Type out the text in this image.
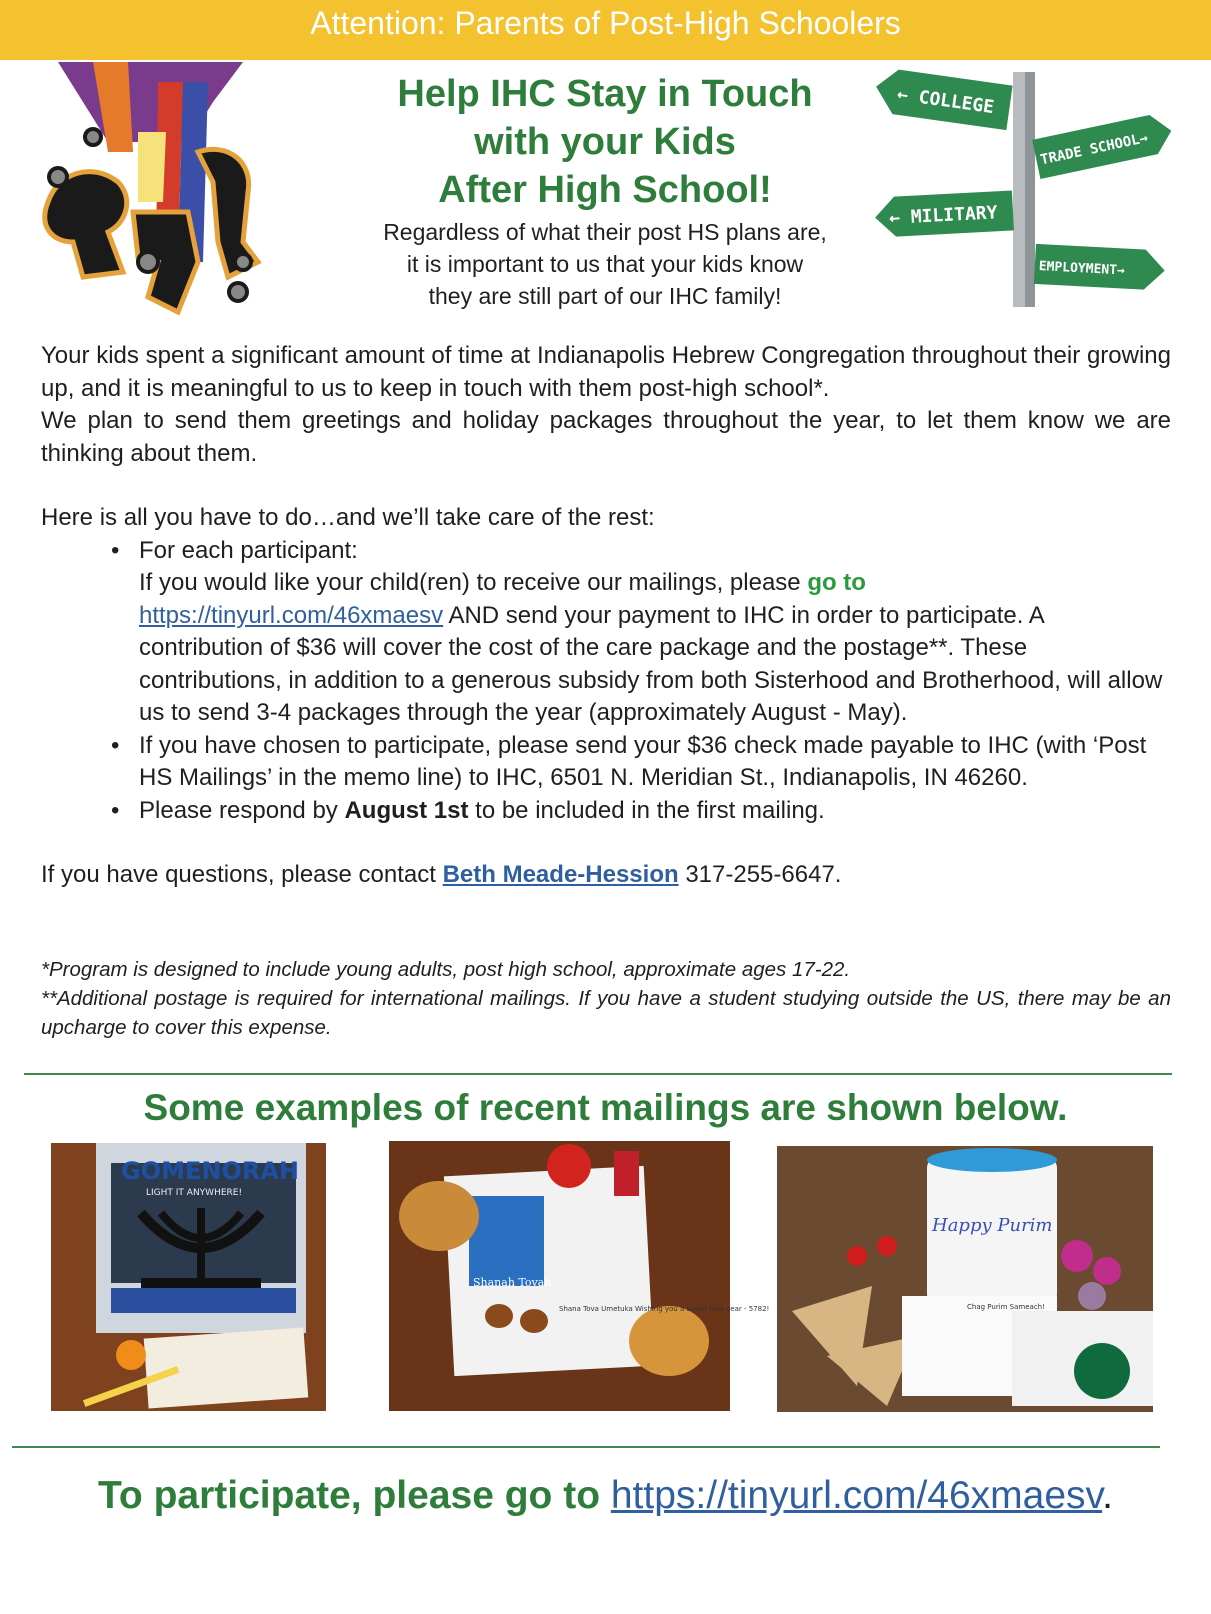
Attention: Parents of Post-High Schoolers
Help IHC Stay in Touch
with your Kids
After High School!
Regardless of what their post HS plans are,
it is important to us that your kids know
they are still part of our IHC family!
← COLLEGE
TRADE SCHOOL→
← MILITARY
EMPLOYMENT→

Your kids spent a significant amount of time at Indianapolis Hebrew Congregation throughout their growing up, and it is meaningful to us to keep in touch with them post-high school*.

We plan to send them greetings and holiday packages throughout the year, to let them know we are thinking about them.

Here is all you have to do…and we’ll take care of the rest:

• For each participant:
If you would like your child(ren) to receive our mailings, please go to
https://tinyurl.com/46xmaesv AND send your payment to IHC in order to participate. A contribution of $36 will cover the cost of the care package and the postage**. These contributions, in addition to a generous subsidy from both Sisterhood and Brotherhood, will allow us to send 3-4 packages through the year (approximately August - May).
• If you have chosen to participate, please send your $36 check made payable to IHC (with ‘Post HS Mailings’ in the memo line) to IHC, 6501 N. Meridian St., Indianapolis, IN 46260.
• Please respond by August 1st to be included in the first mailing.

If you have questions, please contact Beth Meade-Hession 317-255-6647.

*Program is designed to include young adults, post high school, approximate ages 17-22.

**Additional postage is required for international mailings. If you have a student studying outside the US, there may be an upcharge to cover this expense.

Some examples of recent mailings are shown below.
GOMENORAH
LIGHT IT ANYWHERE!
Shanah Tovah
Shana Tova Umetuka Wishing you a sweet new year - 5782!
Happy Purim
Chag Purim Sameach!
To participate, please go to https://tinyurl.com/46xmaesv.
